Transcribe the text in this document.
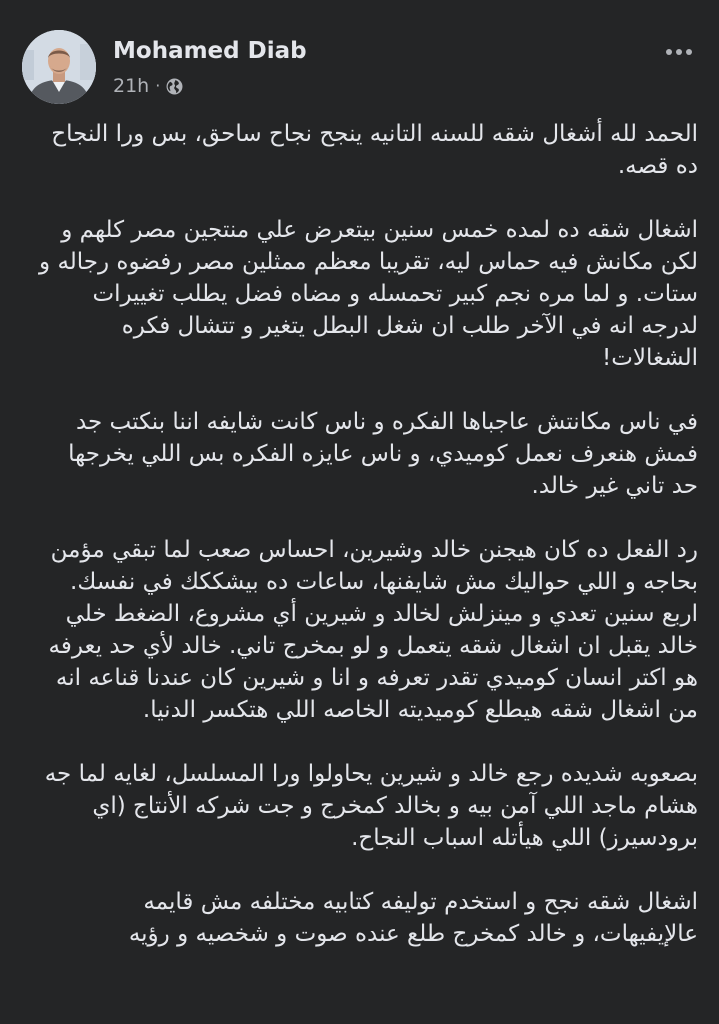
Mohamed Diab
21h ·

الحمد لله أشغال شقه للسنه التانيه ينجح نجاح ساحق، بس ورا النجاح ده قصه.

اشغال شقه ده لمده خمس سنين بيتعرض علي منتجين مصر كلهم و لكن مكانش فيه حماس ليه، تقريبا معظم ممثلين مصر رفضوه رجاله و ستات. و لما مره نجم كبير تحمسله و مضاه فضل يطلب تغييرات لدرجه انه في الآخر طلب ان شغل البطل يتغير و تتشال فكره الشغالات!

في ناس مكانتش عاجباها الفكره و ناس كانت شايفه اننا بنكتب جد فمش هنعرف نعمل كوميدي، و ناس عايزه الفكره بس اللي يخرجها حد تاني غير خالد.

رد الفعل ده كان هيجنن خالد وشيرين، احساس صعب لما تبقي مؤمن بحاجه و اللي حواليك مش شايفنها، ساعات ده بيشككك في نفسك. اربع سنين تعدي و مينزلش لخالد و شيرين أي مشروع، الضغط خلي خالد يقبل ان اشغال شقه يتعمل و لو بمخرج تاني. خالد لأي حد يعرفه هو اكتر انسان كوميدي تقدر تعرفه و انا و شيرين كان عندنا قناعه انه من اشغال شقه هيطلع كوميديته الخاصه اللي هتكسر الدنيا.

بصعوبه شديده رجع خالد و شيرين يحاولوا ورا المسلسل، لغايه لما جه هشام ماجد اللي آمن بيه و بخالد كمخرج و جت شركه الأنتاج (اي برودسيرز) اللي هيأتله اسباب النجاح.

اشغال شقه نجح و استخدم توليفه كتابيه مختلفه مش قايمه عالإيفيهات، و خالد كمخرج طلع عنده صوت و شخصيه و رؤيه
